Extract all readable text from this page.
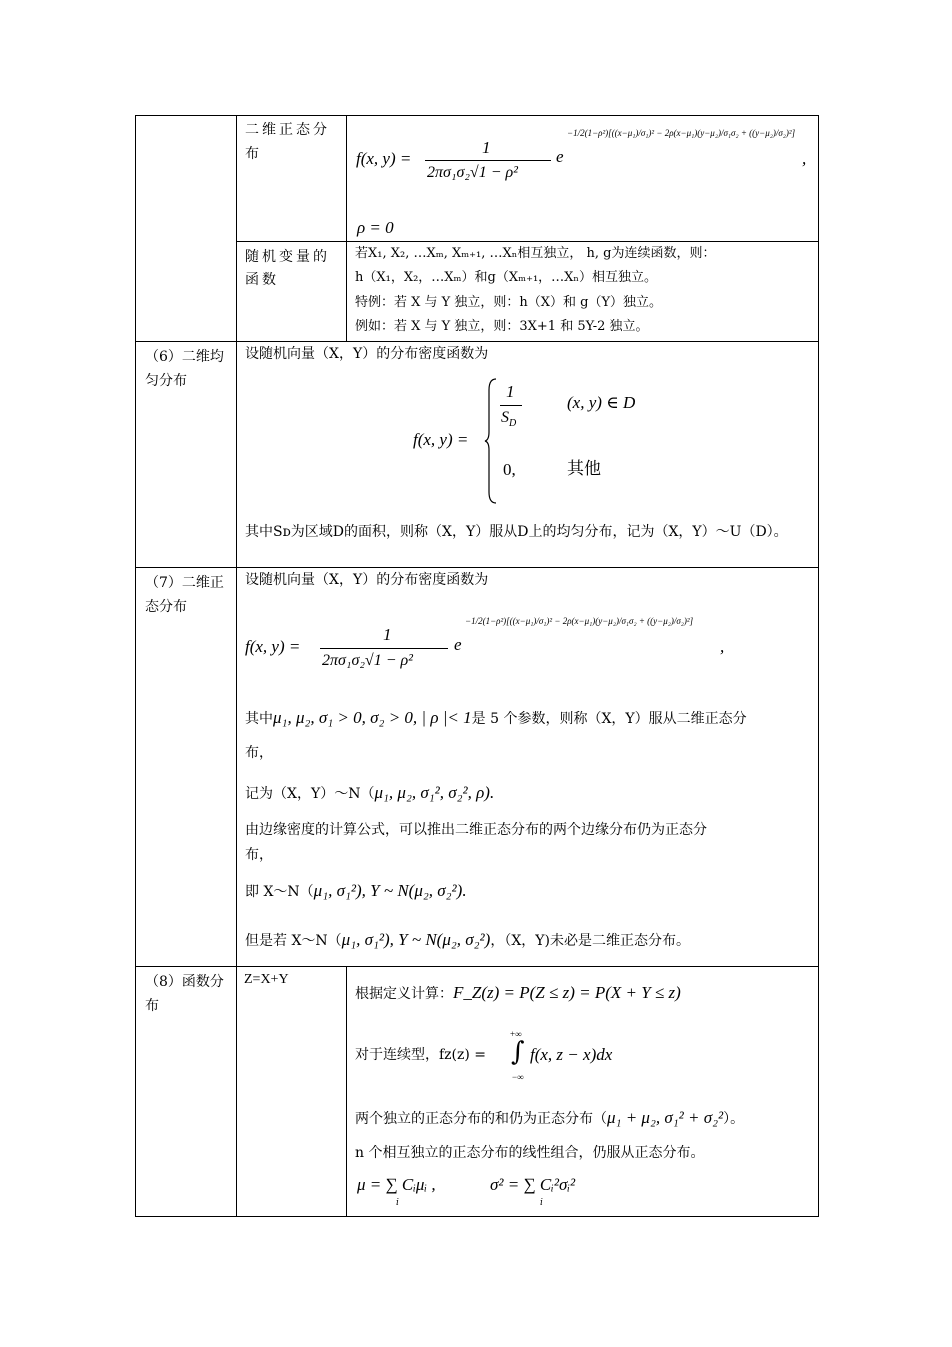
二维正态分布	f(x, y) =
1
2πσ₁σ₂√1 − ρ²
e
−1/2(1−ρ²)[((x−μ₁)/σ₁)² − 2ρ(x−μ₁)(y−μ₂)/σ₁σ₂ + ((y−μ₂)/σ₂)²]
,
ρ = 0
随机变量的函数
若X₁, X₂, …Xₘ, Xₘ₊₁, …Xₙ相互独立， h, g为连续函数，则：
h（X₁，X₂，…Xₘ）和g（Xₘ₊₁，…Xₙ）相互独立。
特例：若 X 与 Y 独立，则：h（X）和 g（Y）独立。
例如：若 X 与 Y 独立，则：3X+1 和 5Y-2 独立。
（6）二维均匀分布
设随机向量（X，Y）的分布密度函数为
f(x, y) =
1
$S_D$
(x, y) ∈ D
0,	其他
其中Sᴅ为区域D的面积，则称（X，Y）服从D上的均匀分布，记为（X，Y）～U（D）。
（7）二维正态分布
设随机向量（X，Y）的分布密度函数为
f(x, y) =
1
2πσ₁σ₂√1 − ρ²
e
−1/2(1−ρ²)[((x−μ₁)/σ₁)² − 2ρ(x−μ₁)(y−μ₂)/σ₁σ₂ + ((y−μ₂)/σ₂)²]
,
其中μ₁, μ₂, σ₁ > 0, σ₂ > 0, | ρ |< 1是 5 个参数，则称（X，Y）服从二维正态分
布，
记为（X，Y）～N（μ₁, μ₂, σ₁², σ₂², ρ).
由边缘密度的计算公式，可以推出二维正态分布的两个边缘分布仍为正态分
布，
即 X～N（μ₁, σ₁²), Y ~ N(μ₂, σ₂²).
但是若 X～N（μ₁, σ₁²), Y ~ N(μ₂, σ₂²)，（X，Y)未必是二维正态分布。
（8）函数分布
Z=X+Y
根据定义计算：F_Z(z) = P(Z ≤ z) = P(X + Y ≤ z)
对于连续型，fᴢ(z) =
+∞
∫
−∞
f(x, z − x)dx
两个独立的正态分布的和仍为正态分布（μ₁ + μ₂, σ₁² + σ₂²）。
n 个相互独立的正态分布的线性组合，仍服从正态分布。
μ = ∑ Cᵢμᵢ ,	σ² = ∑ Cᵢ²σᵢ²
i	i
